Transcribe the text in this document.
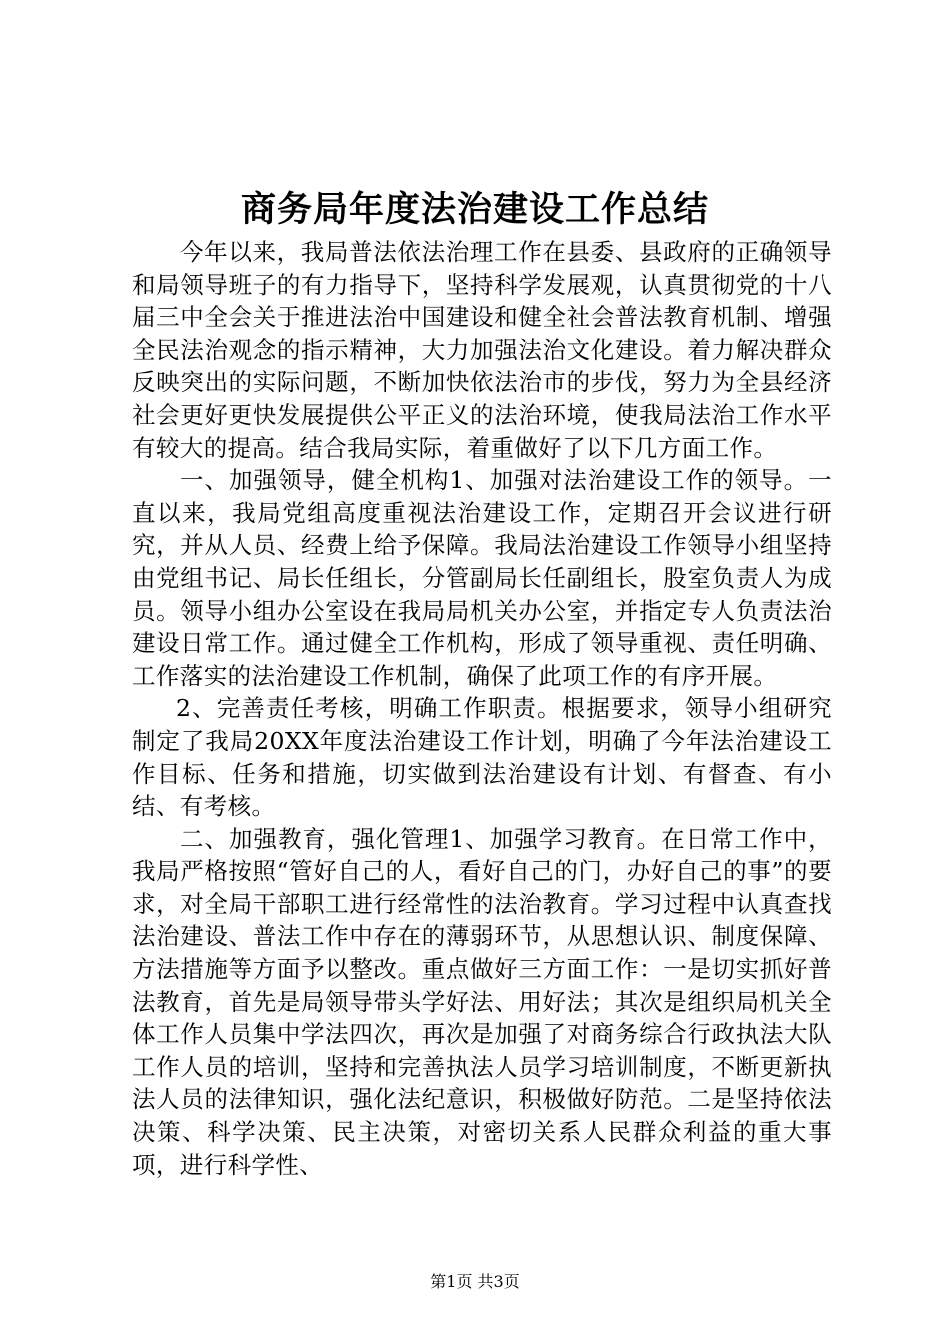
商务局年度法治建设工作总结

今年以来，我局普法依法治理工作在县委、县政府的正确领导和局领导班子的有力指导下，坚持科学发展观，认真贯彻党的十八届三中全会关于推进法治中国建设和健全社会普法教育机制、增强全民法治观念的指示精神，大力加强法治文化建设。着力解决群众反映突出的实际问题，不断加快依法治市的步伐，努力为全县经济社会更好更快发展提供公平正义的法治环境，使我局法治工作水平有较大的提高。结合我局实际，着重做好了以下几方面工作。

一、加强领导，健全机构1、加强对法治建设工作的领导。一直以来，我局党组高度重视法治建设工作，定期召开会议进行研究，并从人员、经费上给予保障。我局法治建设工作领导小组坚持由党组书记、局长任组长，分管副局长任副组长，股室负责人为成员。领导小组办公室设在我局局机关办公室，并指定专人负责法治建设日常工作。通过健全工作机构，形成了领导重视、责任明确、工作落实的法治建设工作机制，确保了此项工作的有序开展。

2、完善责任考核，明确工作职责。根据要求，领导小组研究制定了我局20XX年度法治建设工作计划，明确了今年法治建设工作目标、任务和措施，切实做到法治建设有计划、有督查、有小结、有考核。

二、加强教育，强化管理1、加强学习教育。在日常工作中，我局严格按照“管好自己的人，看好自己的门，办好自己的事”的要求，对全局干部职工进行经常性的法治教育。学习过程中认真查找法治建设、普法工作中存在的薄弱环节，从思想认识、制度保障、方法措施等方面予以整改。重点做好三方面工作：一是切实抓好普法教育，首先是局领导带头学好法、用好法；其次是组织局机关全体工作人员集中学法四次，再次是加强了对商务综合行政执法大队工作人员的培训，坚持和完善执法人员学习培训制度，不断更新执法人员的法律知识，强化法纪意识，积极做好防范。二是坚持依法决策、科学决策、民主决策，对密切关系人民群众利益的重大事项，进行科学性、

第1页 共3页
